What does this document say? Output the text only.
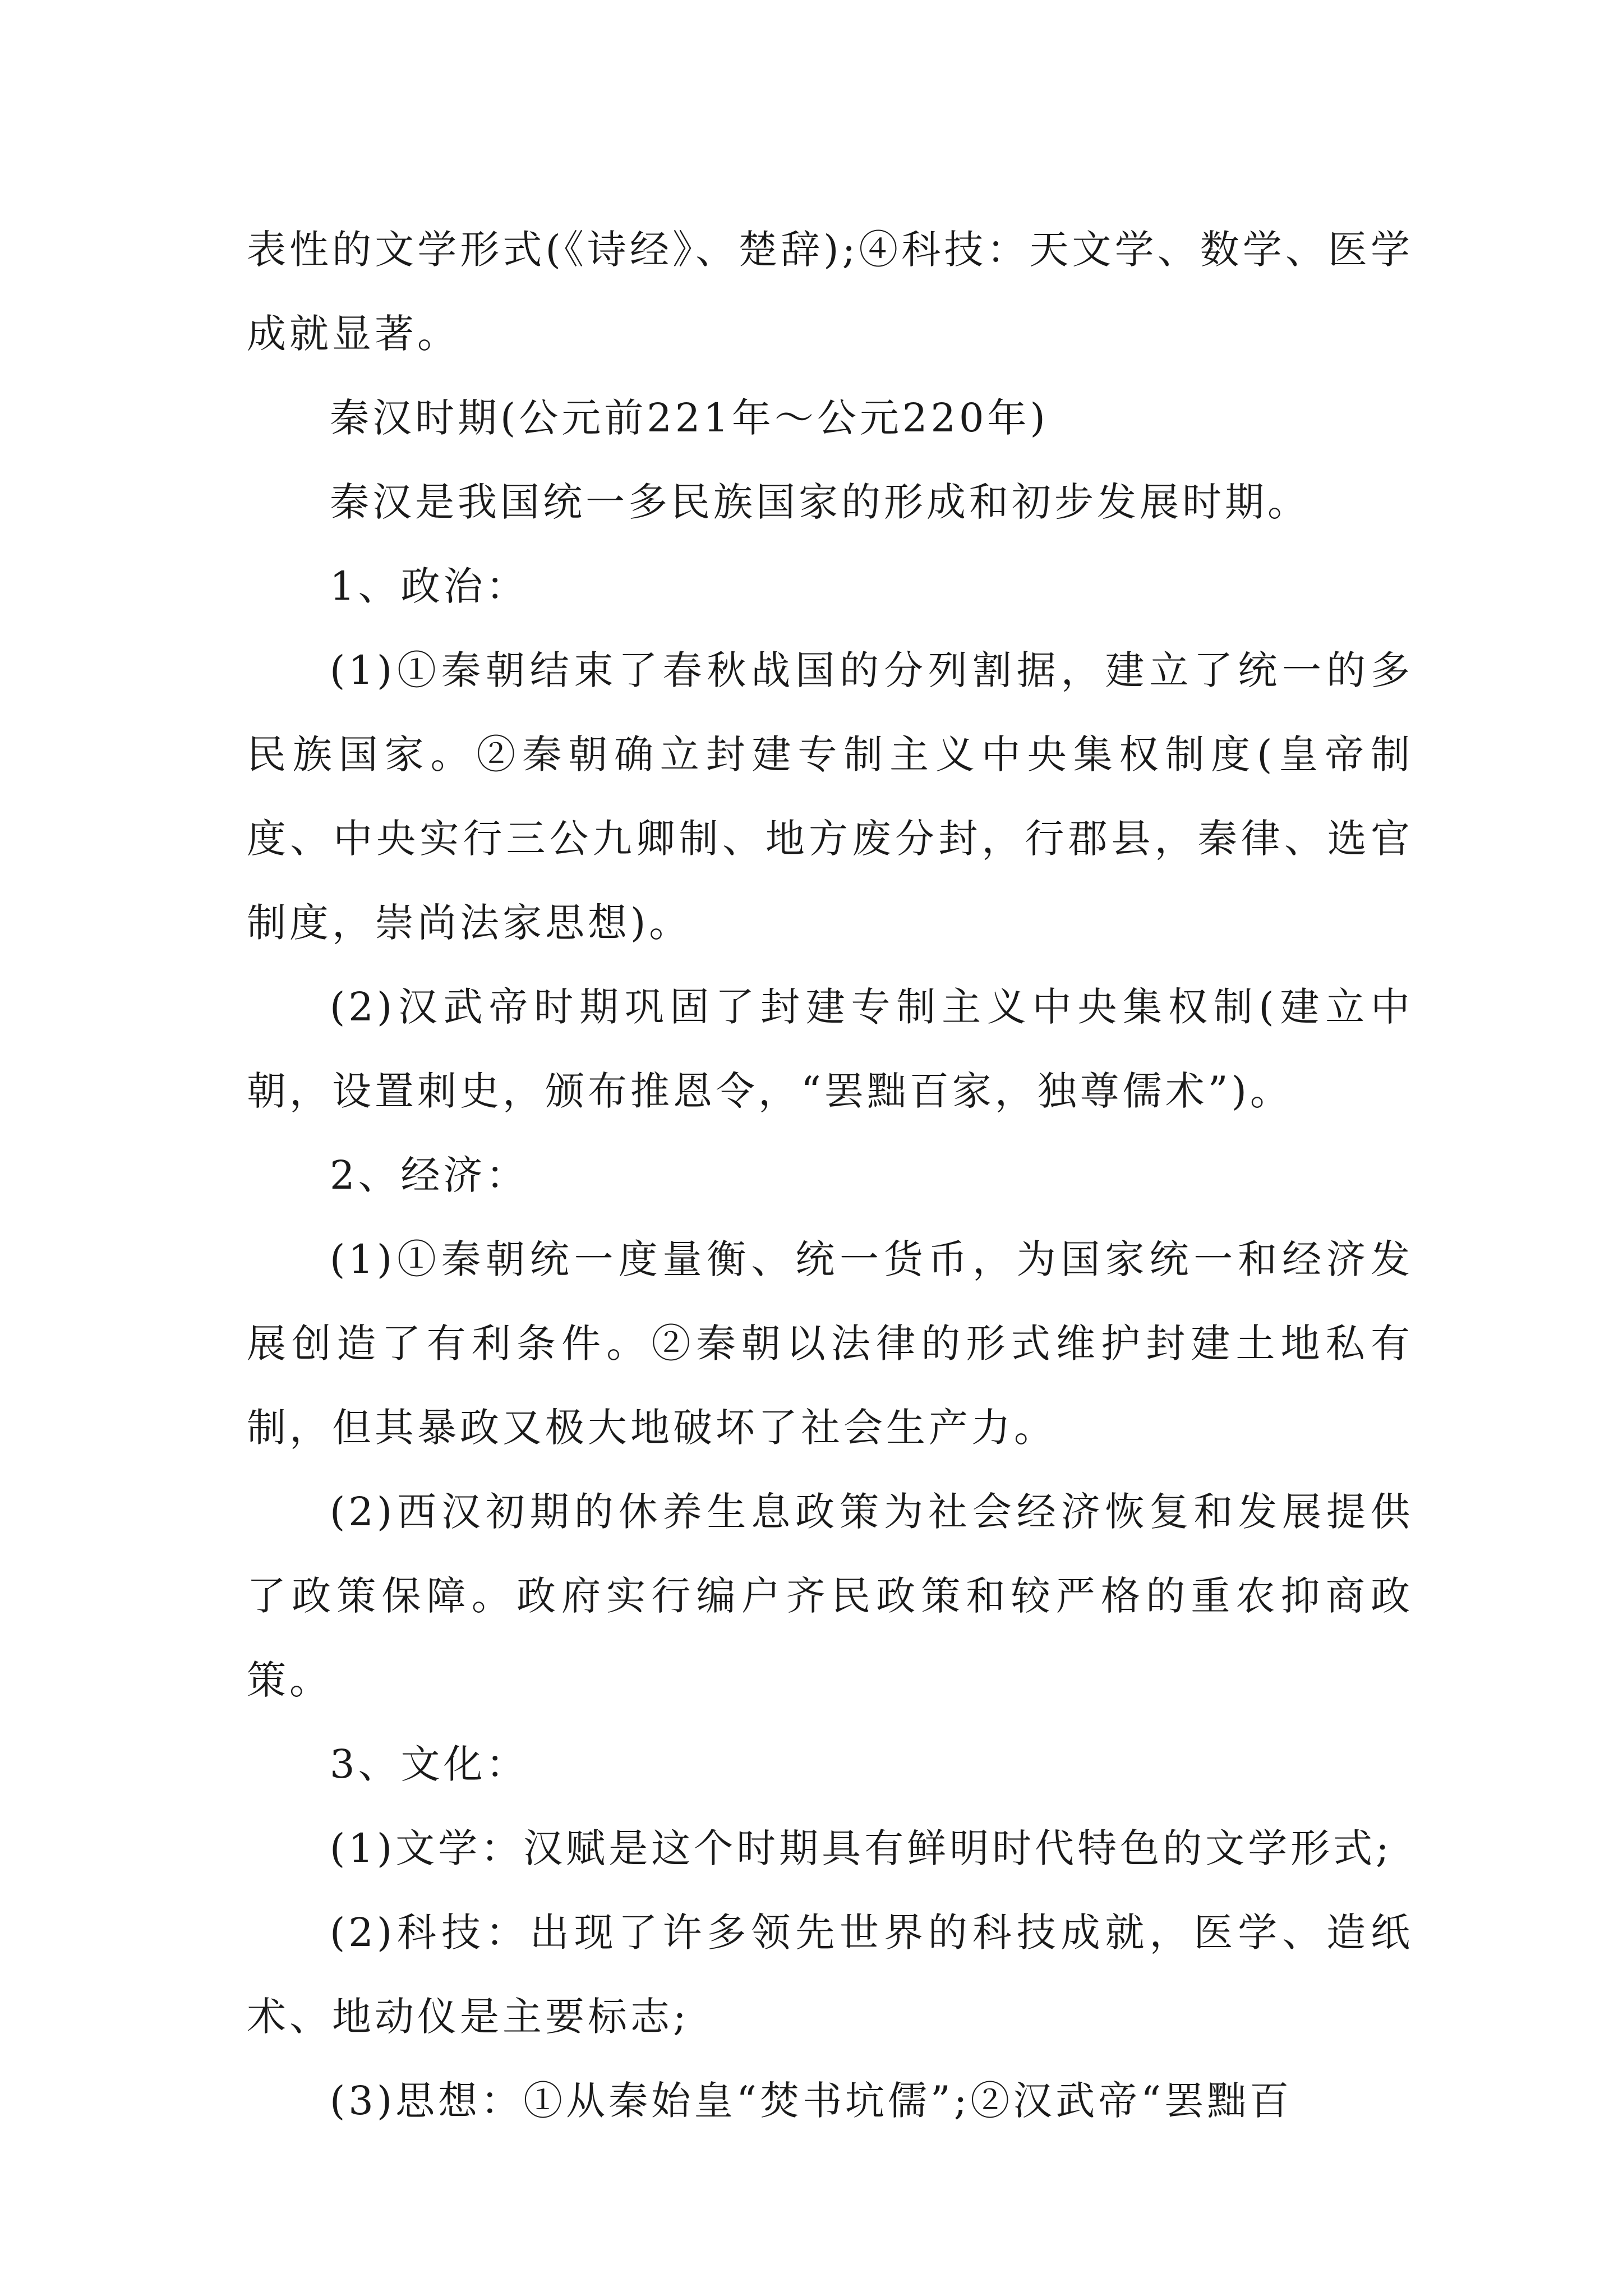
表性的文学形式(《诗经》、楚辞);④科技：天文学、数学、医学成就显著。

秦汉时期(公元前221年～公元220年)

秦汉是我国统一多民族国家的形成和初步发展时期。

1、政治：

(1)①秦朝结束了春秋战国的分列割据，建立了统一的多民族国家。②秦朝确立封建专制主义中央集权制度(皇帝制度、中央实行三公九卿制、地方废分封，行郡县，秦律、选官制度，崇尚法家思想)。

(2)汉武帝时期巩固了封建专制主义中央集权制(建立中朝，设置刺史，颁布推恩令，“罢黜百家，独尊儒术”)。

2、经济：

(1)①秦朝统一度量衡、统一货币，为国家统一和经济发展创造了有利条件。②秦朝以法律的形式维护封建土地私有制，但其暴政又极大地破坏了社会生产力。

(2)西汉初期的休养生息政策为社会经济恢复和发展提供了政策保障。政府实行编户齐民政策和较严格的重农抑商政策。

3、文化：

(1)文学：汉赋是这个时期具有鲜明时代特色的文学形式;

(2)科技：出现了许多领先世界的科技成就，医学、造纸术、地动仪是主要标志;

(3)思想：①从秦始皇“焚书坑儒”;②汉武帝“罢黜百
